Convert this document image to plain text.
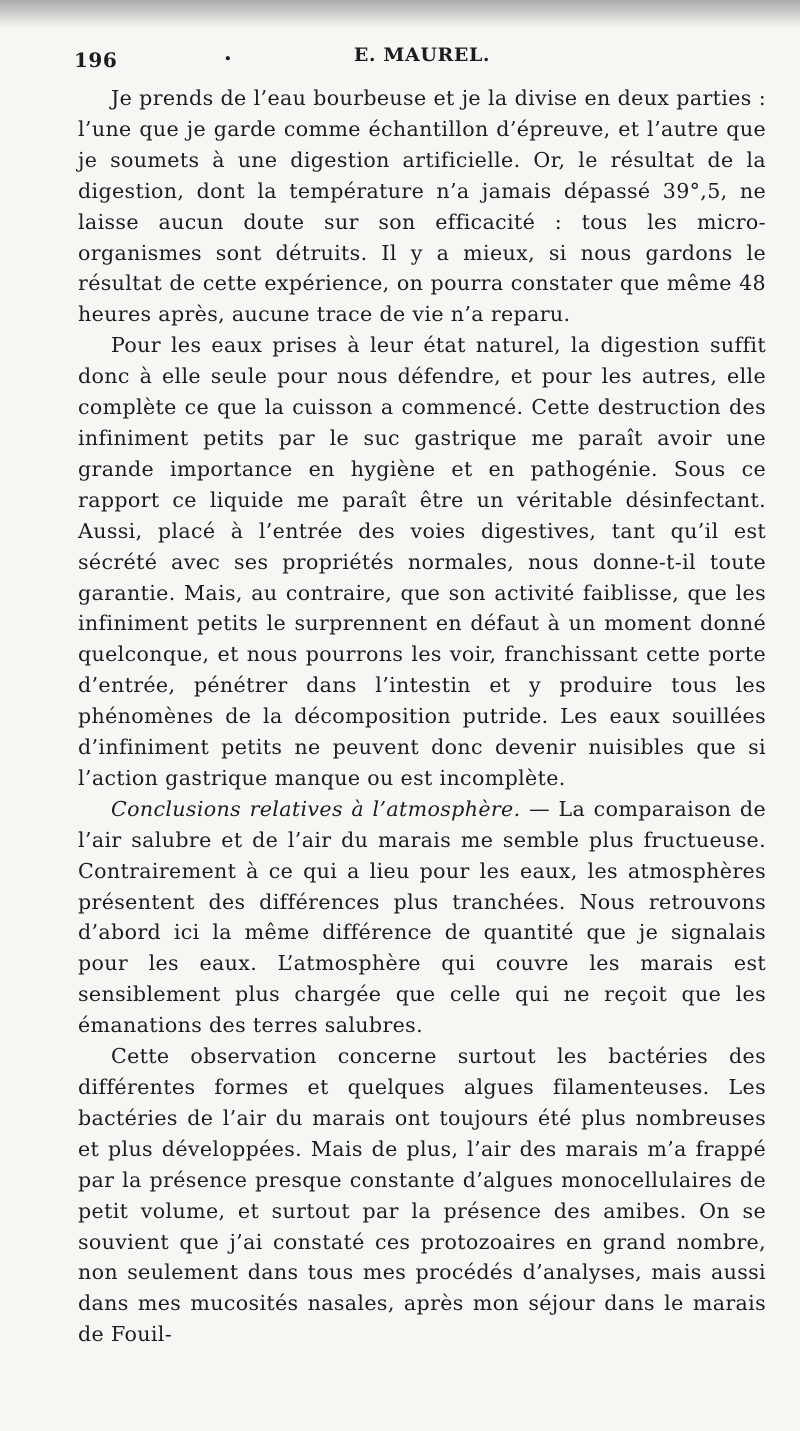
196	.	E. MAUREL.

Je prends de l’eau bourbeuse et je la divise en deux parties : l’une que je garde comme échantillon d’épreuve, et l’autre que je soumets à une digestion artificielle. Or, le résultat de la digestion, dont la température n’a jamais dépassé 39°,5, ne laisse aucun doute sur son efficacité : tous les micro-organismes sont détruits. Il y a mieux, si nous gardons le résultat de cette expérience, on pourra constater que même 48 heures après, aucune trace de vie n’a reparu.

Pour les eaux prises à leur état naturel, la digestion suffit donc à elle seule pour nous défendre, et pour les autres, elle complète ce que la cuisson a commencé. Cette destruction des infiniment petits par le suc gastrique me paraît avoir une grande importance en hygiène et en pathogénie. Sous ce rapport ce liquide me paraît être un véritable désinfectant. Aussi, placé à l’entrée des voies digestives, tant qu’il est sécrété avec ses propriétés normales, nous donne-t-il toute garantie. Mais, au contraire, que son activité faiblisse, que les infiniment petits le surprennent en défaut à un moment donné quelconque, et nous pourrons les voir, franchissant cette porte d’entrée, pénétrer dans l’intestin et y produire tous les phénomènes de la décomposition putride. Les eaux souillées d’infiniment petits ne peuvent donc devenir nuisibles que si l’action gastrique manque ou est incomplète.

Conclusions relatives à l’atmosphère. — La comparaison de l’air salubre et de l’air du marais me semble plus fructueuse. Contrairement à ce qui a lieu pour les eaux, les atmosphères présentent des différences plus tranchées. Nous retrouvons d’abord ici la même différence de quantité que je signalais pour les eaux. L’atmosphère qui couvre les marais est sensiblement plus chargée que celle qui ne reçoit que les émanations des terres salubres.

Cette observation concerne surtout les bactéries des différentes formes et quelques algues filamenteuses. Les bactéries de l’air du marais ont toujours été plus nombreuses et plus développées. Mais de plus, l’air des marais m’a frappé par la présence presque constante d’algues monocellulaires de petit volume, et surtout par la présence des amibes. On se souvient que j’ai constaté ces protozoaires en grand nombre, non seulement dans tous mes procédés d’analyses, mais aussi dans mes mucosités nasales, après mon séjour dans le marais de Fouil-
